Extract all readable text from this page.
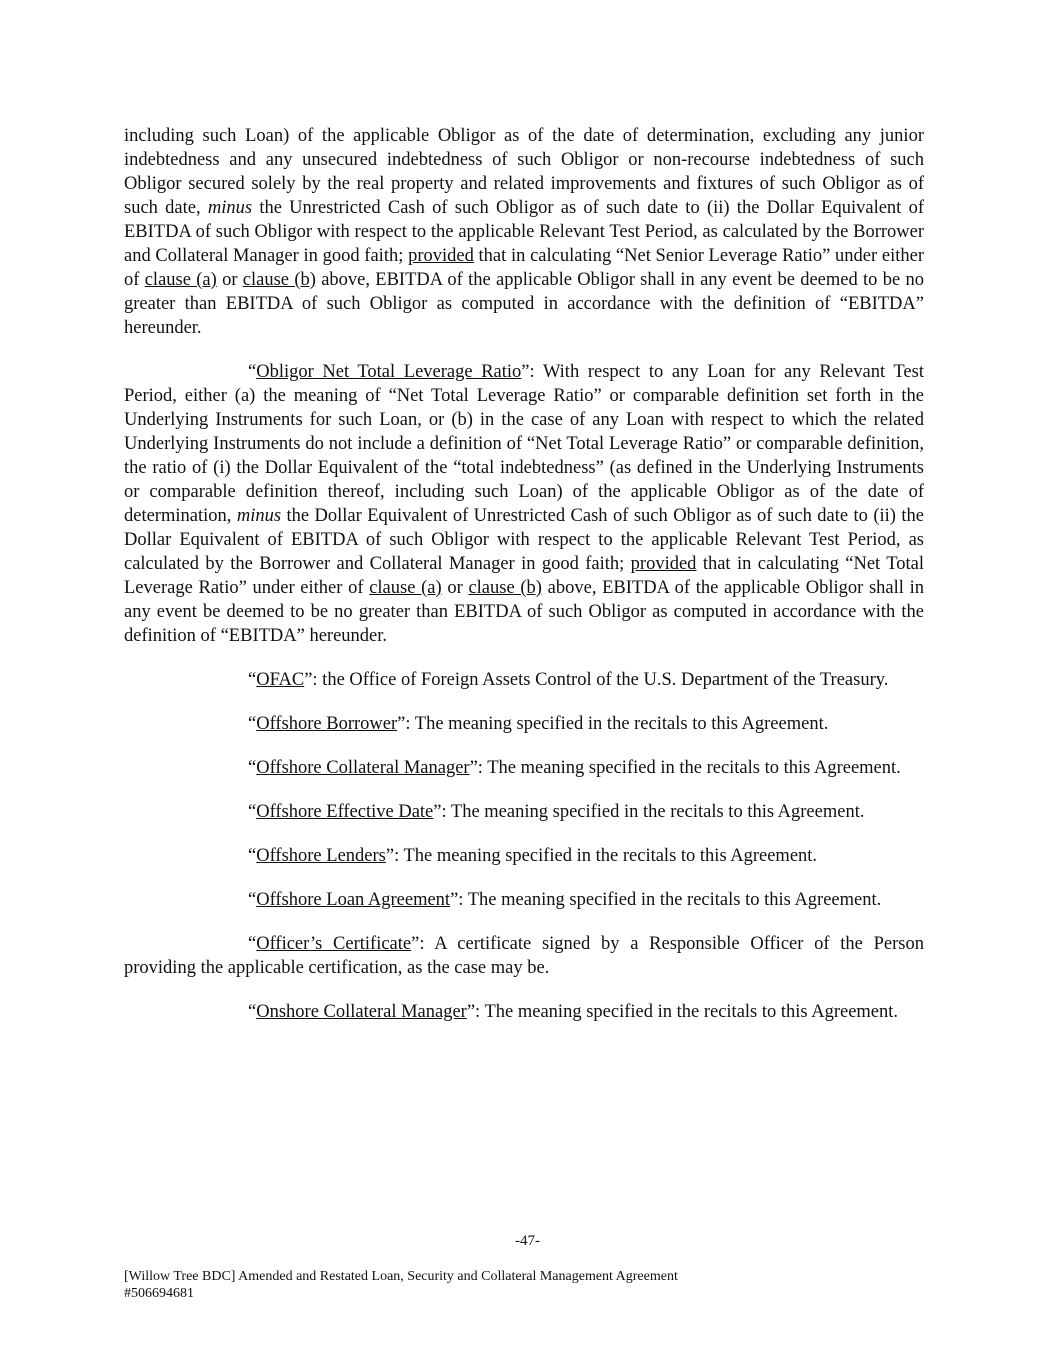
including such Loan) of the applicable Obligor as of the date of determination, excluding any junior indebtedness and any unsecured indebtedness of such Obligor or non-recourse indebtedness of such Obligor secured solely by the real property and related improvements and fixtures of such Obligor as of such date, minus the Unrestricted Cash of such Obligor as of such date to (ii) the Dollar Equivalent of EBITDA of such Obligor with respect to the applicable Relevant Test Period, as calculated by the Borrower and Collateral Manager in good faith; provided that in calculating “Net Senior Leverage Ratio” under either of clause (a) or clause (b) above, EBITDA of the applicable Obligor shall in any event be deemed to be no greater than EBITDA of such Obligor as computed in accordance with the definition of “EBITDA” hereunder.

“Obligor Net Total Leverage Ratio”: With respect to any Loan for any Relevant Test Period, either (a) the meaning of “Net Total Leverage Ratio” or comparable definition set forth in the Underlying Instruments for such Loan, or (b) in the case of any Loan with respect to which the related Underlying Instruments do not include a definition of “Net Total Leverage Ratio” or comparable definition, the ratio of (i) the Dollar Equivalent of the “total indebtedness” (as defined in the Underlying Instruments or comparable definition thereof, including such Loan) of the applicable Obligor as of the date of determination, minus the Dollar Equivalent of Unrestricted Cash of such Obligor as of such date to (ii) the Dollar Equivalent of EBITDA of such Obligor with respect to the applicable Relevant Test Period, as calculated by the Borrower and Collateral Manager in good faith; provided that in calculating “Net Total Leverage Ratio” under either of clause (a) or clause (b) above, EBITDA of the applicable Obligor shall in any event be deemed to be no greater than EBITDA of such Obligor as computed in accordance with the definition of “EBITDA” hereunder.

“OFAC”: the Office of Foreign Assets Control of the U.S. Department of the Treasury.

“Offshore Borrower”: The meaning specified in the recitals to this Agreement.

“Offshore Collateral Manager”: The meaning specified in the recitals to this Agreement.

“Offshore Effective Date”: The meaning specified in the recitals to this Agreement.

“Offshore Lenders”: The meaning specified in the recitals to this Agreement.

“Offshore Loan Agreement”: The meaning specified in the recitals to this Agreement.

“Officer’s Certificate”: A certificate signed by a Responsible Officer of the Person providing the applicable certification, as the case may be.

“Onshore Collateral Manager”: The meaning specified in the recitals to this Agreement.

-47-
[Willow Tree BDC] Amended and Restated Loan, Security and Collateral Management Agreement
#506694681
